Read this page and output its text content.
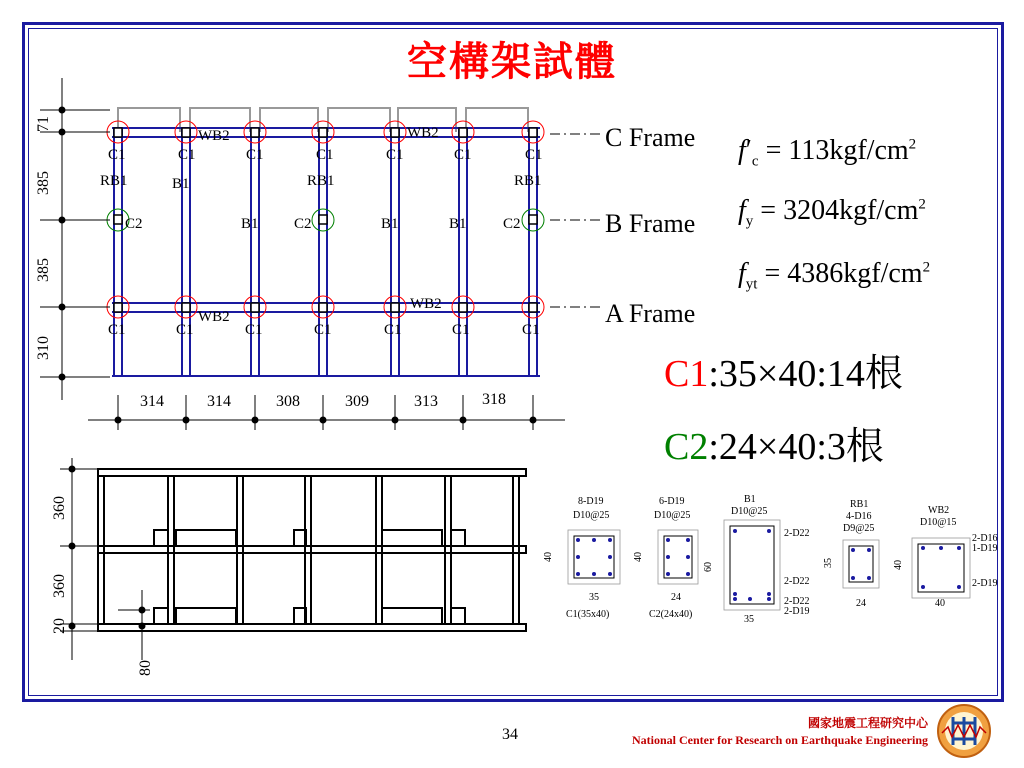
空構架試體
C1	C1	C1	C1	C1	C1	C1
RB1	B1	RB1	RB1
C2	B1 C2	B1	B1 C2
WB2	WB2
WB2
WB2
C1	C1	C1	C1	C1	C1	C1
C Frame
B Frame
A Frame
71
385
385
310
314	314	308	309	313	318
$f'_c = 113kgf/cm^2$
$f_y = 3204kgf/cm^2$
$f_{yt} = 4386kgf/cm^2$
C1:35×40:14根
C2:24×40:3根
360
360
20
80
8-D19
D10@25
40
35
C1(35x40)
6-D19
D10@25
40
24
C2(24x40)
B1
D10@25
60
35
2-D22
2-D22
2-D22
2-D19
RB1
4-D16
D9@25
35
24
WB2
D10@15
40
40
2-D16
1-D19
2-D19
34
國家地震工程研究中心
National Center for Research on Earthquake Engineering
